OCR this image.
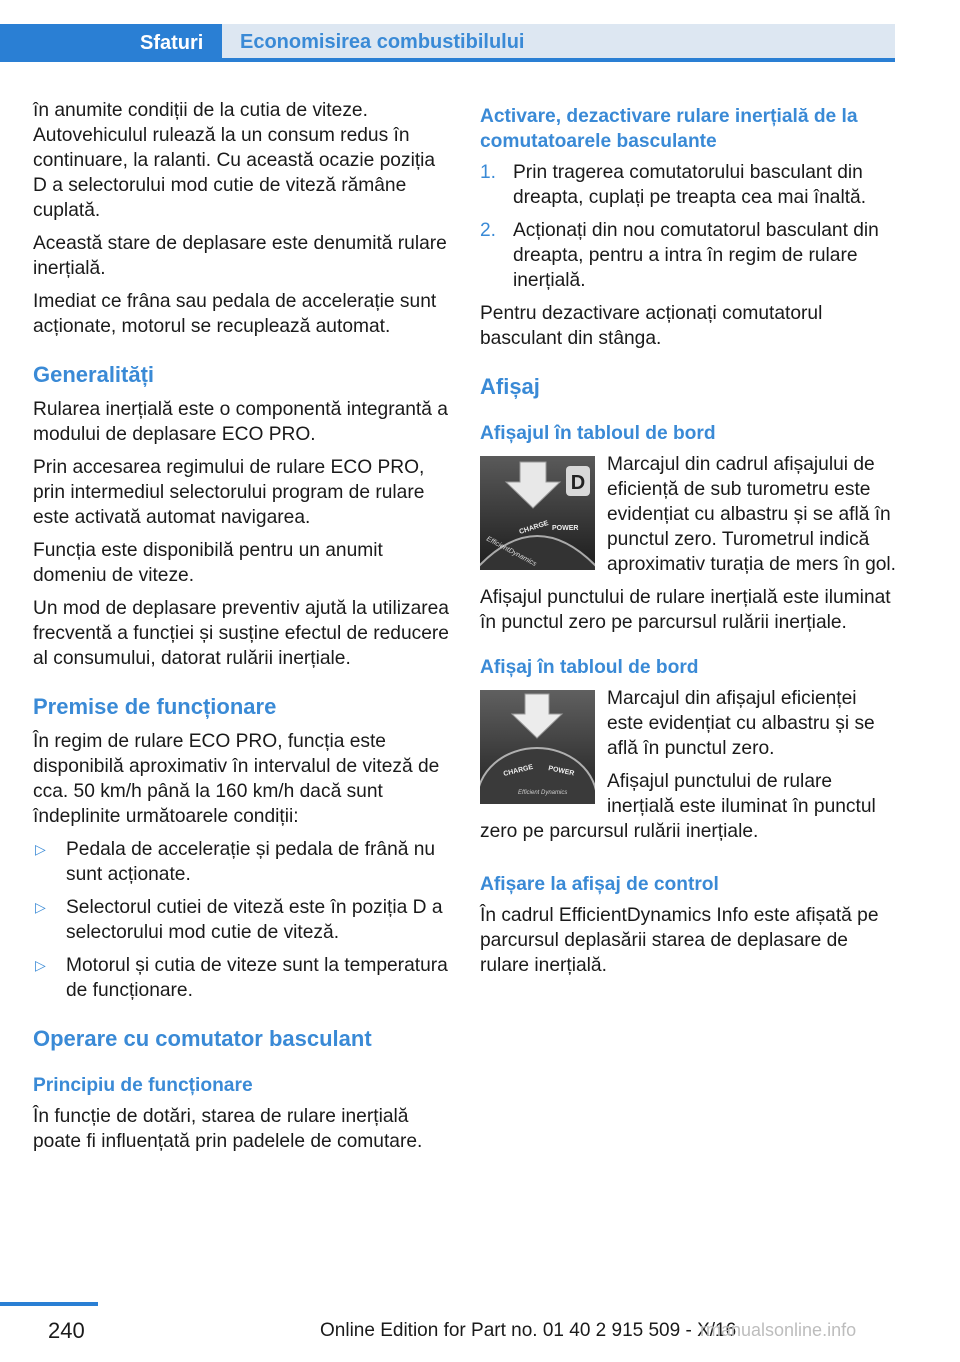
Sfaturi	Economisirea combustibilului

în anumite condiții de la cutia de viteze. Autovehiculul rulează la un consum redus în continuare, la ralanti. Cu această ocazie poziția D a selectorului mod cutie de viteză rămâne cuplată.

Această stare de deplasare este denumită rulare inerțială.

Imediat ce frâna sau pedala de accelerație sunt acționate, motorul se recuplează automat.

Generalități

Rularea inerțială este o componentă integrantă a modului de deplasare ECO PRO.

Prin accesarea regimului de rulare ECO PRO, prin intermediul selectorului program de rulare este activată automat navigarea.

Funcția este disponibilă pentru un anumit domeniu de viteze.

Un mod de deplasare preventiv ajută la utilizarea frecventă a funcției și susține efectul de reducere al consumului, datorat rulării inerțiale.

Premise de funcționare

În regim de rulare ECO PRO, funcția este disponibilă aproximativ în intervalul de viteză de cca. 50 km/h până la 160 km/h dacă sunt îndeplinite următoarele condiții:

▷ Pedala de accelerație și pedala de frână nu sunt acționate.
▷ Selectorul cutiei de viteză este în poziția D a selectorului mod cutie de viteză.
▷ Motorul și cutia de viteze sunt la temperatura de funcționare.
Operare cu comutator basculant
Principiu de funcționare

În funcție de dotări, starea de rulare inerțială poate fi influențată prin padelele de comutare.

Activare, dezactivare rulare inerțială de la comutatoarele basculante
1. Prin tragerea comutatorului basculant din dreapta, cuplați pe treapta cea mai înaltă.
2. Acționați din nou comutatorul basculant din dreapta, pentru a intra în regim de rulare inerțială.

Pentru dezactivare acționați comutatorul basculant din stânga.

Afișaj
Afișajul în tabloul de bord
D
CHARGE POWER
EfficientDynamics

Marcajul din cadrul afișajului de eficiență de sub turometru este evidențiat cu albastru și se află în punctul zero. Turometrul indică aproximativ turația de mers în gol.

Afișajul punctului de rulare inerțială este iluminat în punctul zero pe parcursul rulării inerțiale.

Afișaj în tabloul de bord
CHARGE POWER
Efficient Dynamics

Marcajul din afișajul eficienței este evidențiat cu albastru și se află în punctul zero.

Afișajul punctului de rulare inerțială este iluminat în punctul zero pe parcursul rulării inerțiale.

Afișare la afișaj de control

În cadrul EfficientDynamics Info este afișată pe parcursul deplasării starea de deplasare de rulare inerțială.

240	Online Edition for Part no. 01 40 2 915 509 - X/16
rmanualsonline.info
